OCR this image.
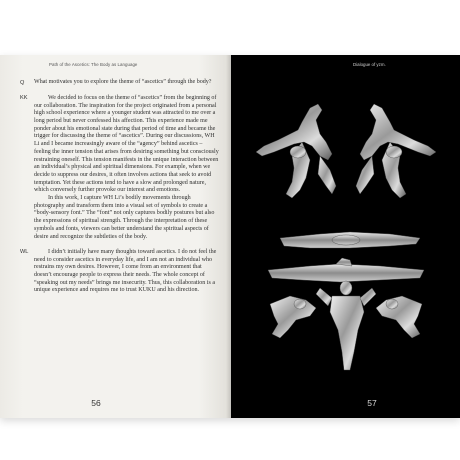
Path of the Ascetics: The Body as Language	Dialogue of yzm.
Q	What motivates you to explore the theme of “ascetics” through the body?

KK	We decided to focus on the theme of “ascetics” from the beginning of our collaboration. The inspiration for the project originated from a personal high school experience where a younger student was attracted to me over a long period but never confessed his affection. This experience made me ponder about his emotional state during that period of time and became the trigger for discussing the theme of “ascetics”. During our discussions, WH Li and I became increasingly aware of the “agency” behind ascetics – feeling the inner tension that arises from desiring something but consciously restraining oneself. This tension manifests in the unique interaction between an individual’s physical and spiritual dimensions. For example, when we decide to suppress our desires, it often involves actions that seek to avoid temptation. Yet these actions tend to have a slow and prolonged nature, which conversely further provoke our interest and emotions.

In this work, I capture WH Li’s bodily movements through photography and transform them into a visual set of symbols to create a “body-sensory font.” The “font” not only captures bodily postures but also the expressions of spiritual strength. Through the interpretation of these symbols and fonts, viewers can better understand the spiritual aspects of desire and recognize the subtleties of the body.

WL	I didn’t initially have many thoughts toward ascetics. I do not feel the need to consider ascetics in everyday life, and I am not an individual who restrains my own desires. However, I come from an environment that doesn’t encourage people to express their needs. The whole concept of “speaking out my needs” brings me insecurity. Thus, this collaboration is a unique experience and requires me to trust KUKU and his direction.

56	57
